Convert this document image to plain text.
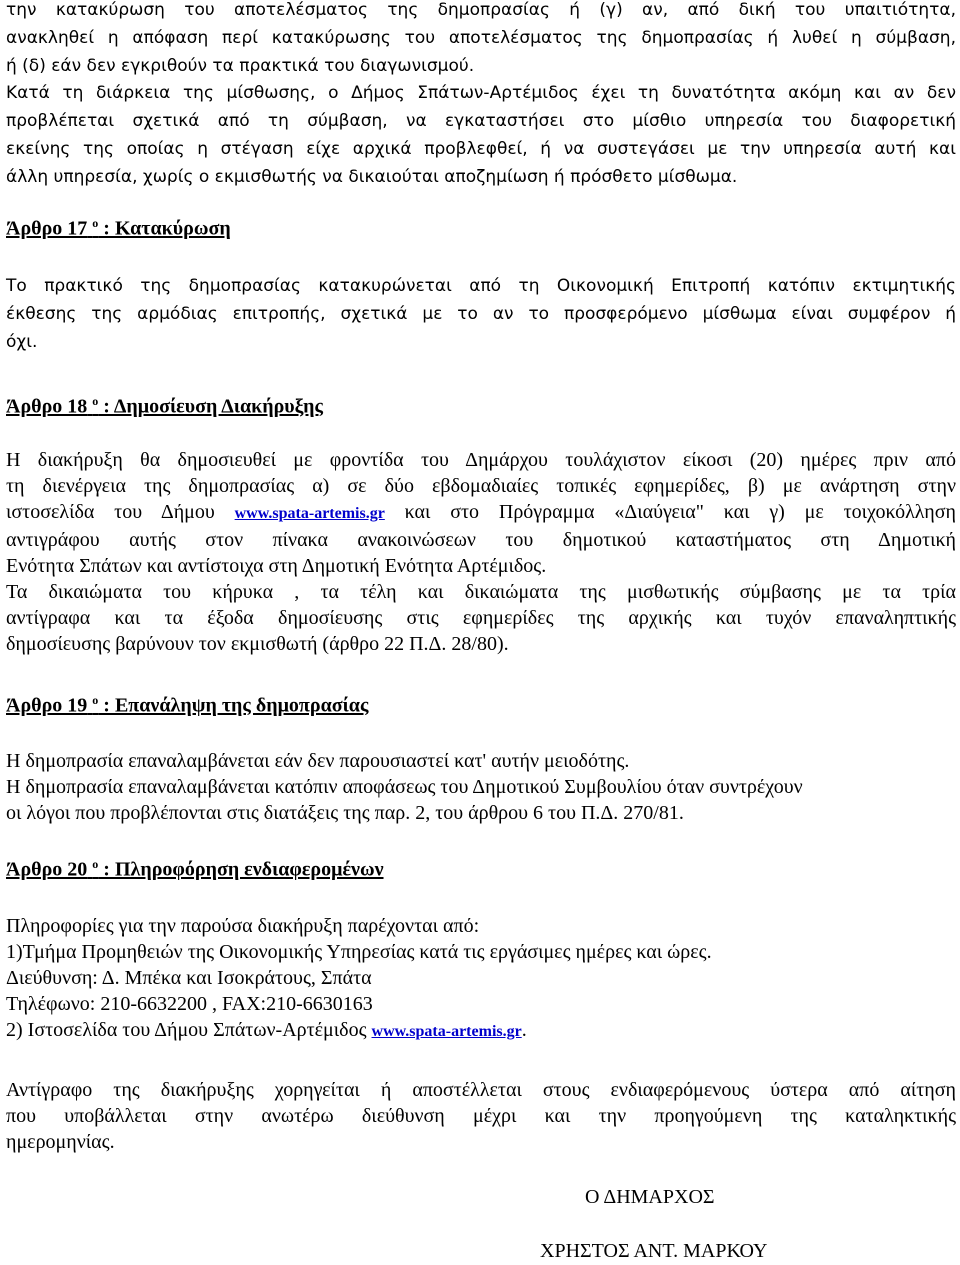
την κατακύρωση του αποτελέσματος της δημοπρασίας ή (γ) αν, από δική του υπαιτιότητα,
ανακληθεί η απόφαση περί κατακύρωσης του αποτελέσματος της δημοπρασίας ή λυθεί η σύμβαση,
ή (δ) εάν δεν εγκριθούν τα πρακτικά του διαγωνισμού.
Κατά τη διάρκεια της μίσθωσης, ο Δήμος Σπάτων-Αρτέμιδος έχει τη δυνατότητα ακόμη και αν δεν
προβλέπεται σχετικά από τη σύμβαση, να εγκαταστήσει στο μίσθιο υπηρεσία του διαφορετική
εκείνης της οποίας η στέγαση είχε αρχικά προβλεφθεί, ή να συστεγάσει με την υπηρεσία αυτή και
άλλη υπηρεσία, χωρίς ο εκμισθωτής να δικαιούται αποζημίωση ή πρόσθετο μίσθωμα.

Άρθρο 17 $^o$ : Κατακύρωση

Το πρακτικό της δημοπρασίας κατακυρώνεται από τη Οικονομική Επιτροπή κατόπιν εκτιμητικής
έκθεσης της αρμόδιας επιτροπής, σχετικά με το αν το προσφερόμενο μίσθωμα είναι συμφέρον ή
όχι.

Άρθρο 18 $^o$ : Δημοσίευση Διακήρυξης

Η διακήρυξη θα δημοσιευθεί με φροντίδα του Δημάρχου τουλάχιστον είκοσι (20) ημέρες πριν από
τη διενέργεια της δημοπρασίας α) σε δύο εβδομαδιαίες τοπικές εφημερίδες, β) με ανάρτηση στην
ιστοσελίδα του Δήμου www.spata-artemis.gr και στο Πρόγραμμα «Διαύγεια" και γ) με τοιχοκόλληση
αντιγράφου αυτής στον πίνακα ανακοινώσεων του δημοτικού καταστήματος στη Δημοτική
Ενότητα Σπάτων και αντίστοιχα στη Δημοτική Ενότητα Αρτέμιδος.
Τα δικαιώματα του κήρυκα , τα τέλη και δικαιώματα της μισθωτικής σύμβασης με τα τρία
αντίγραφα και τα έξοδα δημοσίευσης στις εφημερίδες της αρχικής και τυχόν επαναληπτικής
δημοσίευσης βαρύνουν τον εκμισθωτή (άρθρο 22 Π.Δ. 28/80).

Άρθρο 19 $^o$ : Επανάληψη της δημοπρασίας

Η δημοπρασία επαναλαμβάνεται εάν δεν παρουσιαστεί κατ' αυτήν μειοδότης.
Η δημοπρασία επαναλαμβάνεται κατόπιν αποφάσεως του Δημοτικού Συμβουλίου όταν συντρέχουν
οι λόγοι που προβλέπονται στις διατάξεις της παρ. 2, του άρθρου 6 του Π.Δ. 270/81.

Άρθρο 20 $^o$ : Πληροφόρηση ενδιαφερομένων

Πληροφορίες για την παρούσα διακήρυξη παρέχονται από:
1)Τμήμα Προμηθειών της Οικονομικής Υπηρεσίας κατά τις εργάσιμες ημέρες και ώρες.
Διεύθυνση: Δ. Μπέκα και Ισοκράτους, Σπάτα
Τηλέφωνο: 210-6632200 , FAX:210-6630163
2) Ιστοσελίδα του Δήμου Σπάτων-Αρτέμιδος www.spata-artemis.gr.
Αντίγραφο της διακήρυξης χορηγείται ή αποστέλλεται στους ενδιαφερόμενους ύστερα από αίτηση
που υποβάλλεται στην ανωτέρω διεύθυνση μέχρι και την προηγούμενη της καταληκτικής
ημερομηνίας.
Ο ΔΗΜΑΡΧΟΣ
ΧΡΗΣΤΟΣ ΑΝΤ. ΜΑΡΚΟΥ
